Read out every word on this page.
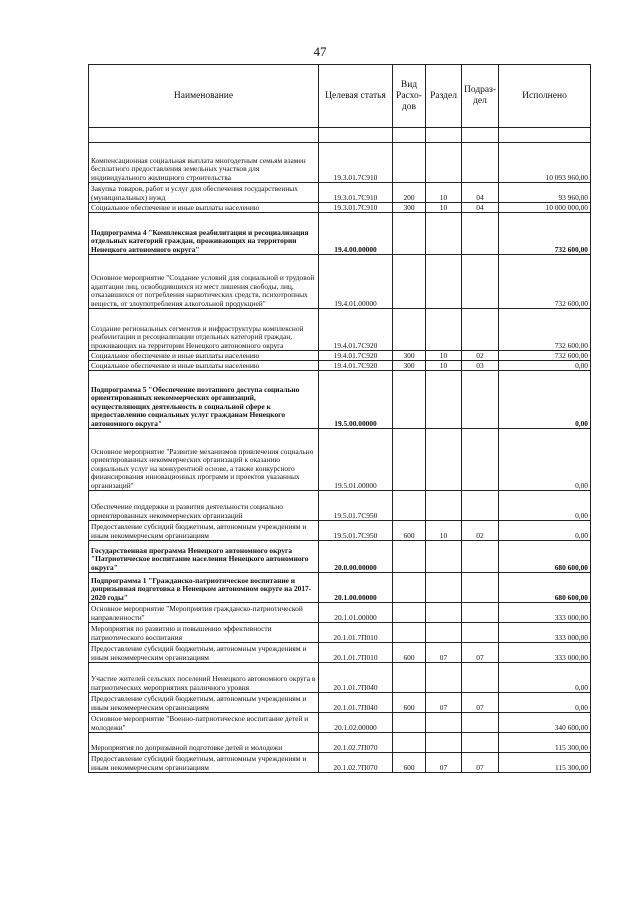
47
Наименование	Целевая статья	Вид Расхо-дов	Раздел	Подраз-дел	Исполнено

Компенсационная социальная выплата многодетным семьям взамен бесплатного предоставления земельных участков для индивидуального жилищного строительства	19.3.01.7С910				10 093 960,00
Закупка товаров, работ и услуг для обеспечения государственных (муниципальных) нужд	19.3.01.7С910	200	10	04	93 960,00
Социальное обеспечение и иные выплаты населению	19.3.01.7С910	300	10	04	10 000 000,00
Подпрограмма 4 "Комплексная реабилитация и ресоциализация отдельных категорий граждан, проживающих на территории Ненецкого автономного округа"	19.4.00.00000				732 600,00
Основное мероприятие "Создание условий для социальной и трудовой адаптации лиц, освободившихся из мест лишения свободы, лиц, отказавшихся от потребления наркотических средств, психотропных веществ, от злоупотребления алкогольной продукцией"	19.4.01.00000				732 600,00
Создание региональных сегментов и инфраструктуры комплексной реабилитации и ресоциализации отдельных категорий граждан, проживающих на территории Ненецкого автономного округа	19.4.01.7С920				732 600,00
Социальное обеспечение и иные выплаты населению	19.4.01.7С920	300	10	02	732 600,00
Социальное обеспечение и иные выплаты населению	19.4.01.7С920	300	10	03	0,00
Подпрограмма 5 "Обеспечение поэтапного доступа социально ориентированных некоммерческих организаций, осуществляющих деятельность в социальной сфере к предоставлению социальных услуг гражданам Ненецкого автономного округа"	19.5.00.00000				0,00
Основное мероприятие "Развитие механизмов привлечения социально ориентированных некоммерческих организаций к оказанию социальных услуг на конкурентной основе, а также конкурсного финансирования инновационных программ и проектов указанных организаций"	19.5.01.00000				0,00
Обеспечение поддержки и развития деятельности социально ориентированных некоммерческих организаций	19.5.01.7С950				0,00
Предоставление субсидий бюджетным, автономным учреждениям и иным некоммерческим организациям	19.5.01.7С950	600	10	02	0,00
Государственная программа Ненецкого автономного округа "Патриотическое воспитание населения Ненецкого автономного округа"	20.0.00.00000				680 600,00
Подпрограмма 1 "Гражданско-патриотическое воспитание и допризывная подготовка в Ненецком автономном округе на 2017-2020 годы"	20.1.00.00000				680 600,00
Основное мероприятие "Мероприятия гражданско-патриотической направленности"	20.1.01.00000				333 000,00
Мероприятия по развитию и повышению эффективности патриотического воспитания	20.1.01.7П010				333 000,00
Предоставление субсидий бюджетным, автономным учреждениям и иным некоммерческим организациям	20.1.01.7П010	600	07	07	333 000,00
Участие жителей сельских поселений Ненецкого автономного округа в патриотических мероприятиях различного уровня	20.1.01.7П040				0,00
Предоставление субсидий бюджетным, автономным учреждениям и иным некоммерческим организациям	20.1.01.7П040	600	07	07	0,00
Основное мероприятие "Военно-патриотическое воспитание детей и молодежи"	20.1.02.00000				340 600,00
Мероприятия по допризывной подготовке детей и молодежи	20.1.02.7П070				115 300,00
Предоставление субсидий бюджетным, автономным учреждениям и иным некоммерческим организациям	20.1.02.7П070	600	07	07	115 300,00
